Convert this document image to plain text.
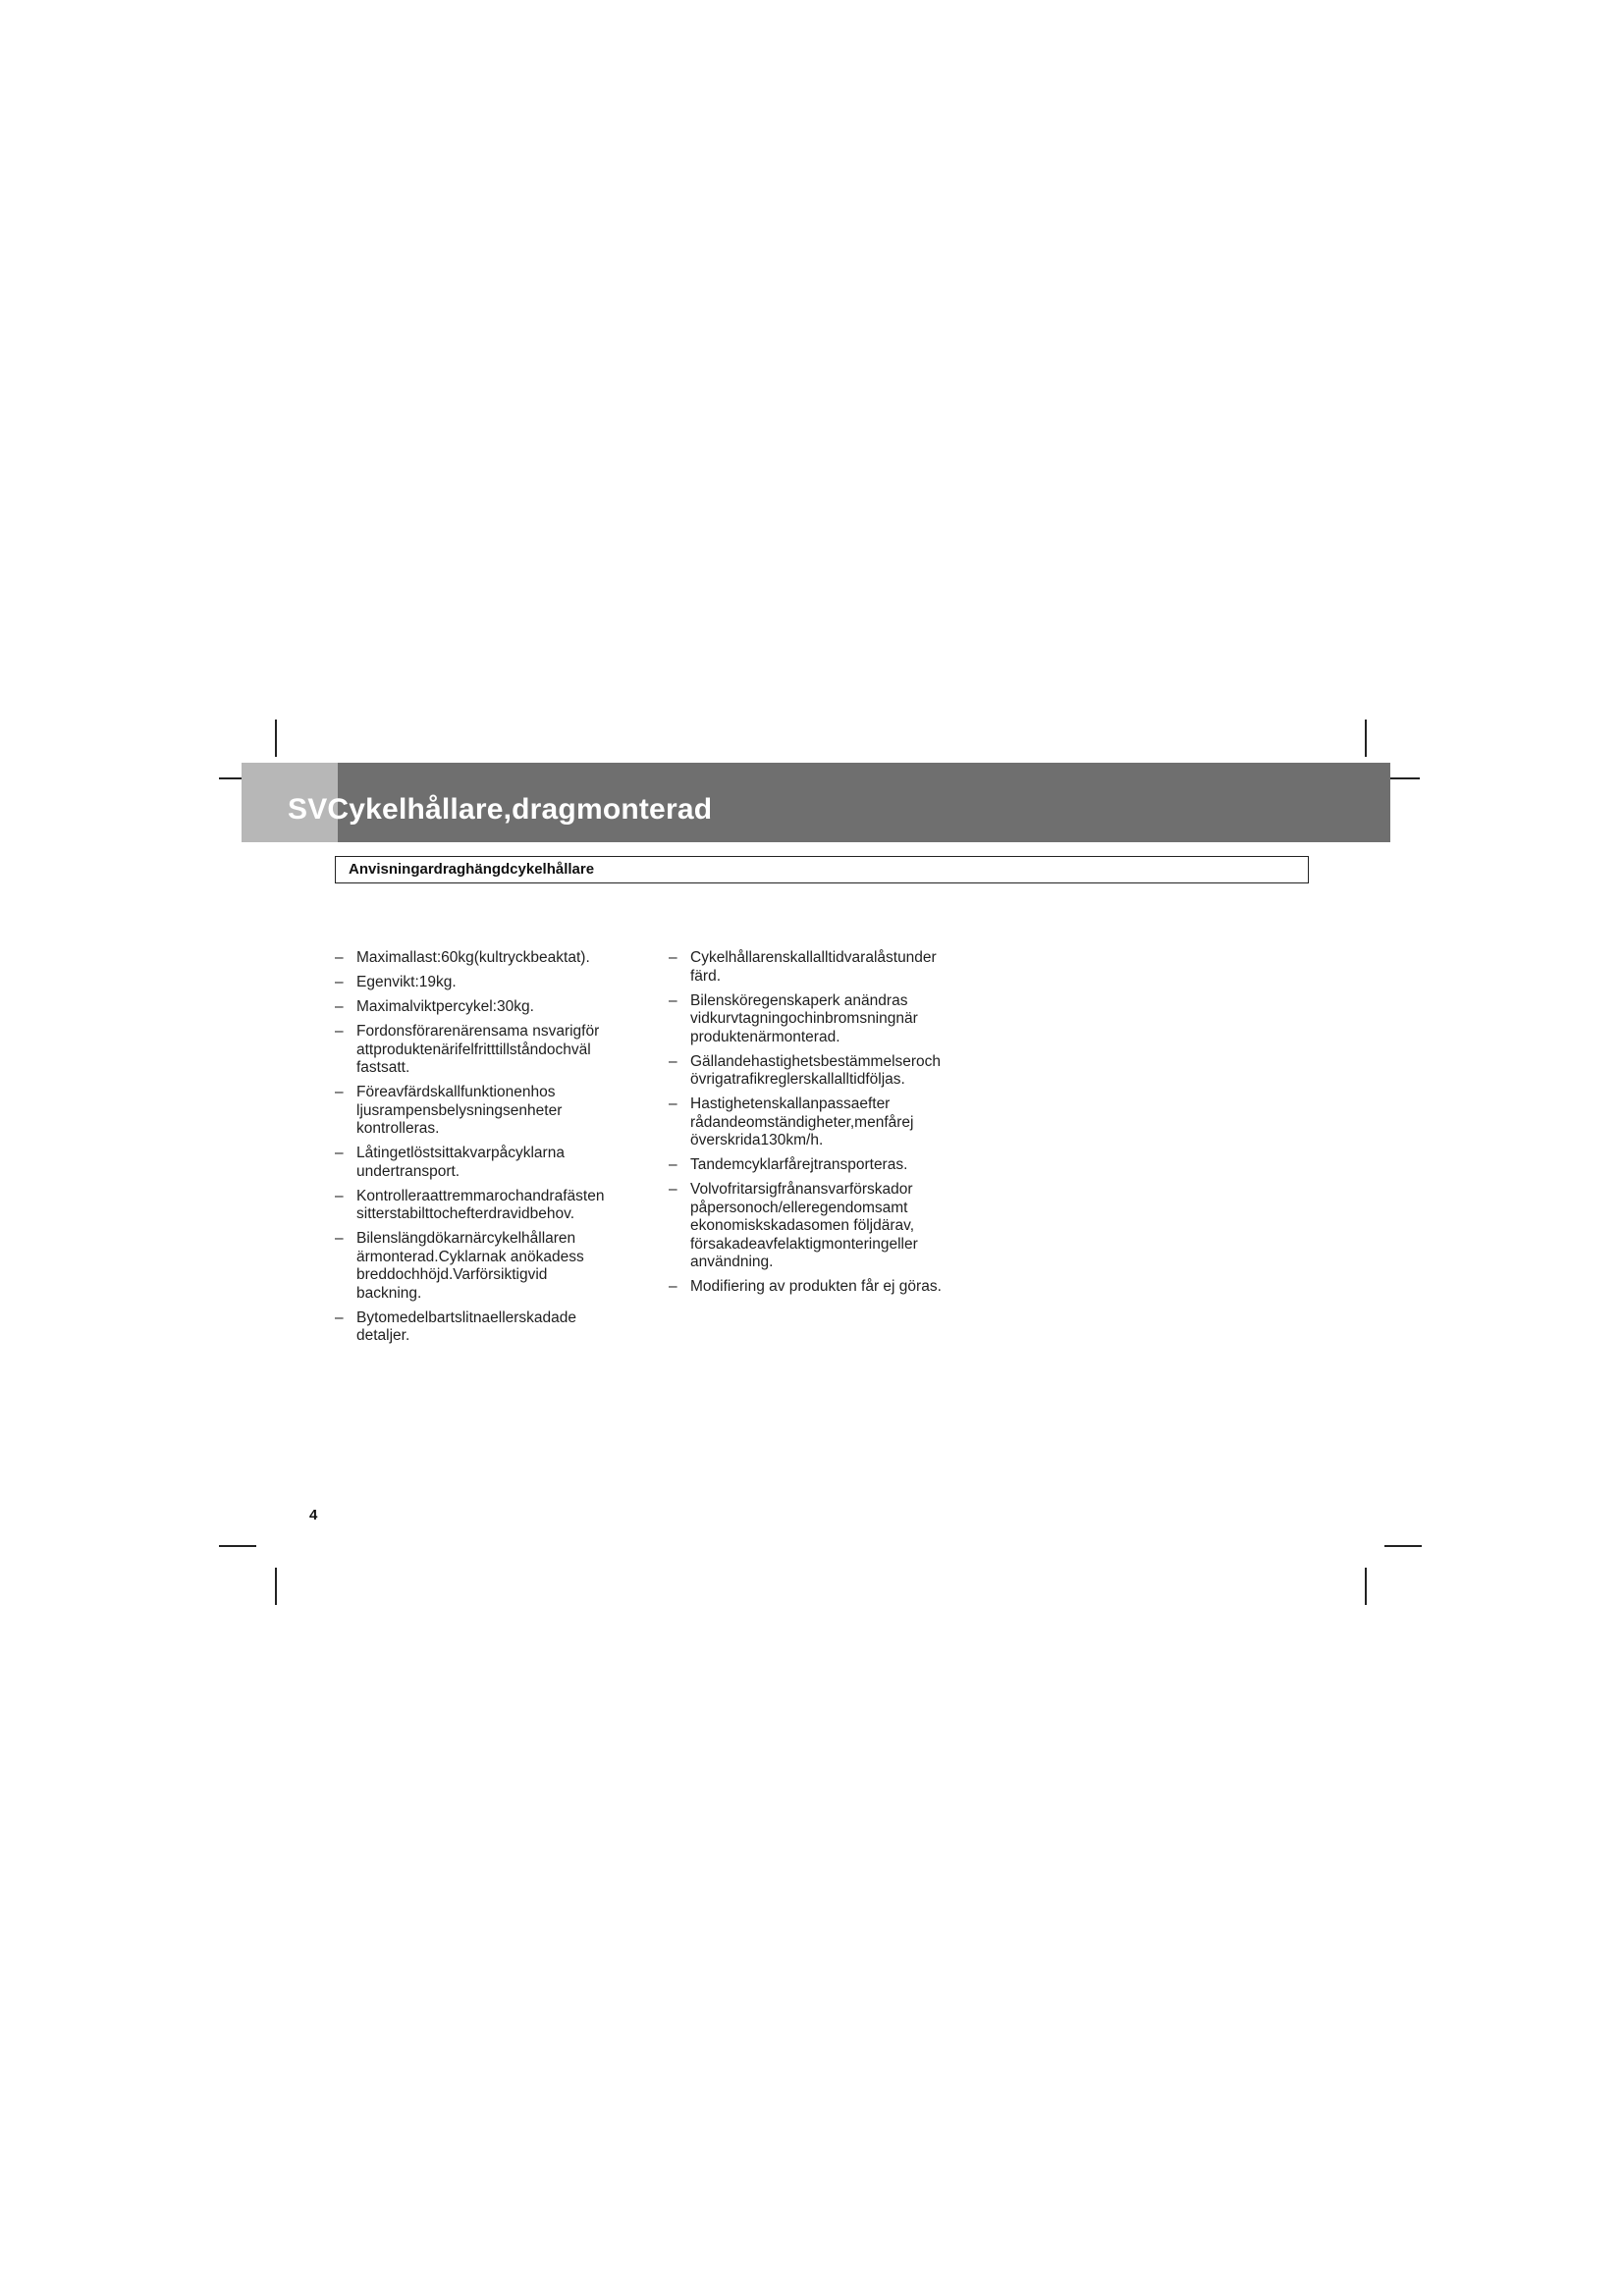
SVCykelhållare,dragmonterad
Anvisningardraghängdcykelhållare
– Maximallast:60kg(kultryckbeaktat).
– Egenvikt:19kg.
– Maximalviktpercykel:30kg.
– Fordonsförarenärensama nsvarigför
attproduktenärifelfritttillståndochväl
fastsatt.
– Föreavfärdskallfunktionenhos
ljusrampensbelysningsenheter
kontrolleras.
– Låtingetlöstsittakvarpåcyklarna
undertransport.
– Kontrolleraattremmarochandrafästen
sitterstabilttochefterdravidbehov.
– Bilenslängdökarnärcykelhållaren
ärmonterad.Cyklarnak anökadess
breddochhöjd.Varförsiktigvid
backning.
– Bytomedelbartslitnaellerskadade
detaljer.
– Cykelhållarenskallalltidvaralåstunder
färd.
– Bilensköregenskaperk anändras
vidkurvtagningochinbromsningnär
produktenärmonterad.
– Gällandehastighetsbestämmelseroch
övrigatrafikreglerskallalltidföljas.
– Hastighetenskallanpassaefter
rådandeomständigheter,menfårej
överskrida130km/h.
– Tandemcyklarfårejtransporteras.
– Volvofritarsigfrånansvarförskador
påpersonoch/elleregendomsamt
ekonomiskskadasomen följdärav,
försakadeavfelaktigmonteringeller
användning.
– Modifiering av produkten får ej göras.
4
